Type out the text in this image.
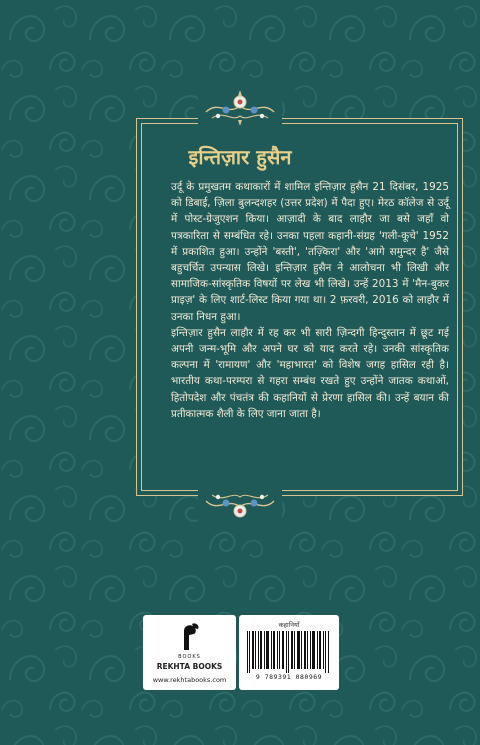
इन्तिज़ार हुसैन

उर्दू के प्रमुखतम कथाकारों में शामिल इन्तिज़ार हुसैन 21 दिसंबर, 1925 को डिबाई, ज़िला बुलन्दशहर (उत्तर प्रदेश) में पैदा हुए। मेरठ कॉलेज से उर्दू में पोस्ट-ग्रेजुएशन किया। आज़ादी के बाद लाहौर जा बसे जहाँ वो पत्रकारिता से सम्बंधित रहे। उनका पहला कहानी-संग्रह 'गली-कूचे' 1952 में प्रकाशित हुआ। उन्होंने 'बस्ती', 'तज़्किरा' और 'आगे समुन्दर है' जैसे बहुचर्चित उपन्यास लिखे। इन्तिज़ार हुसैन ने आलोचना भी लिखी और सामाजिक-सांस्कृतिक विषयों पर लेख भी लिखे। उन्हें 2013 में 'मैन-बुकर प्राइज़' के लिए शार्ट-लिस्ट किया गया था। 2 फ़रवरी, 2016 को लाहौर में उनका निधन हुआ।

इन्तिज़ार हुसैन लाहौर में रह कर भी सारी ज़िन्दगी हिन्दुस्तान में छूट गई अपनी जन्म-भूमि और अपने घर को याद करते रहे। उनकी सांस्कृतिक कल्पना में 'रामायण' और 'महाभारत' को विशेष जगह हासिल रही है। भारतीय कथा-परम्परा से गहरा सम्बंध रखते हुए उन्होंने जातक कथाओं, हितोपदेश और पंचतंत्र की कहानियों से प्रेरणा हासिल की। उन्हें बयान की प्रतीकात्मक शैली के लिए जाना जाता है।

BOOKS
REKHTA BOOKS
www.rekhtabooks.com
कहानियाँ
9 789391 080969
